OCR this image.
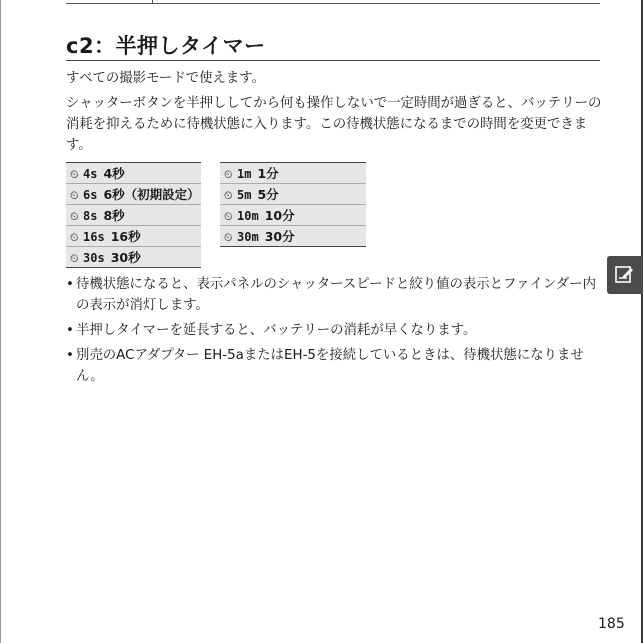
c2：半押しタイマー

すべての撮影モードで使えます。

シャッターボタンを半押ししてから何も操作しないで一定時間が過ぎると、バッテリーの消耗を抑えるために待機状態に入ります。この待機状態になるまでの時間を変更できます。

⏲ 4s 4秒
⏲ 6s 6秒（初期設定）
⏲ 8s 8秒
⏲ 16s 16秒
⏲ 30s 30秒
⏲ 1m 1分
⏲ 5m 5分
⏲ 10m 10分
⏲ 30m 30分
• 待機状態になると、表示パネルのシャッタースピードと絞り値の表示とファインダー内の表示が消灯します。
• 半押しタイマーを延長すると、バッテリーの消耗が早くなります。
• 別売のACアダプター EH-5aまたはEH-5を接続しているときは、待機状態になりません。
185
